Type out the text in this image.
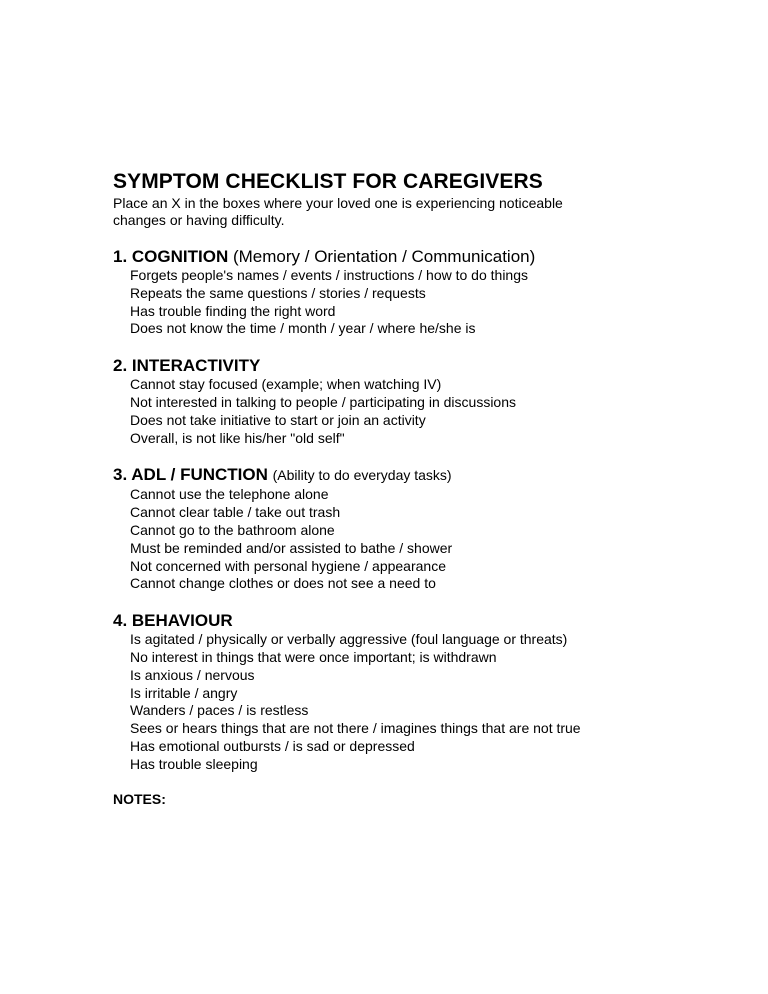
SYMPTOM CHECKLIST FOR CAREGIVERS

Place an X in the boxes where your loved one is experiencing noticeable
changes or having difficulty.

1. COGNITION (Memory / Orientation / Communication)

Forgets people's names / events / instructions / how to do things
Repeats the same questions / stories / requests
Has trouble finding the right word
Does not know the time / month / year / where he/she is

2. INTERACTIVITY

Cannot stay focused (example; when watching IV)
Not interested in talking to people / participating in discussions
Does not take initiative to start or join an activity
Overall, is not like his/her "old self"

3. ADL / FUNCTION (Ability to do everyday tasks)

Cannot use the telephone alone
Cannot clear table / take out trash
Cannot go to the bathroom alone
Must be reminded and/or assisted to bathe / shower
Not concerned with personal hygiene / appearance
Cannot change clothes or does not see a need to

4. BEHAVIOUR

Is agitated / physically or verbally aggressive (foul language or threats)
No interest in things that were once important; is withdrawn
Is anxious / nervous
Is irritable / angry
Wanders / paces / is restless
Sees or hears things that are not there / imagines things that are not true
Has emotional outbursts / is sad or depressed
Has trouble sleeping

NOTES:
